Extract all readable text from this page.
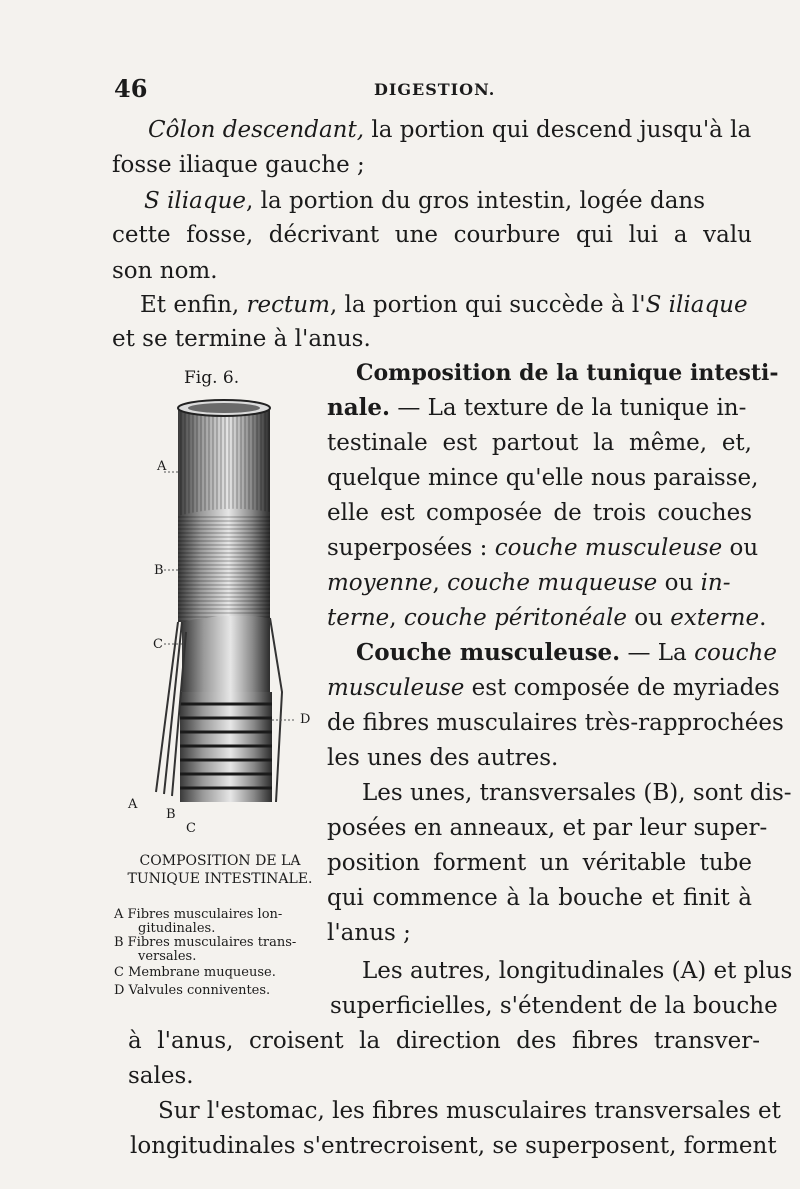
46	DIGESTION.
Côlon descendant, la portion qui descend jusqu'à la
fosse iliaque gauche ;
S iliaque, la portion du gros intestin, logée dans
cette fosse, décrivant une courbure qui lui a valu
son nom.
Et enfin, rectum, la portion qui succède à l'S iliaque
et se termine à l'anus.
Fig. 6.
A
B
C
D
A
B
C
COMPOSITION DE LA
TUNIQUE INTESTINALE.
A Fibres musculaires lon-
gitudinales.
B Fibres musculaires trans-
versales.
C Membrane muqueuse.
D Valvules conniventes.
Composition de la tunique intesti-
nale. — La texture de la tunique in-
testinale est partout la même, et,
quelque mince qu'elle nous paraisse,
elle est composée de trois couches
superposées : couche musculeuse ou
moyenne, couche muqueuse ou in-
terne, couche péritonéale ou externe.
Couche musculeuse. — La couche
musculeuse est composée de myriades
de fibres musculaires très-rapprochées
les unes des autres.
Les unes, transversales (B), sont dis-
posées en anneaux, et par leur super-
position forment un véritable tube
qui commence à la bouche et finit à
l'anus ;
Les autres, longitudinales (A) et plus
superficielles, s'étendent de la bouche
à l'anus, croisent la direction des fibres transver-
sales.
Sur l'estomac, les fibres musculaires transversales et
longitudinales s'entrecroisent, se superposent, forment
